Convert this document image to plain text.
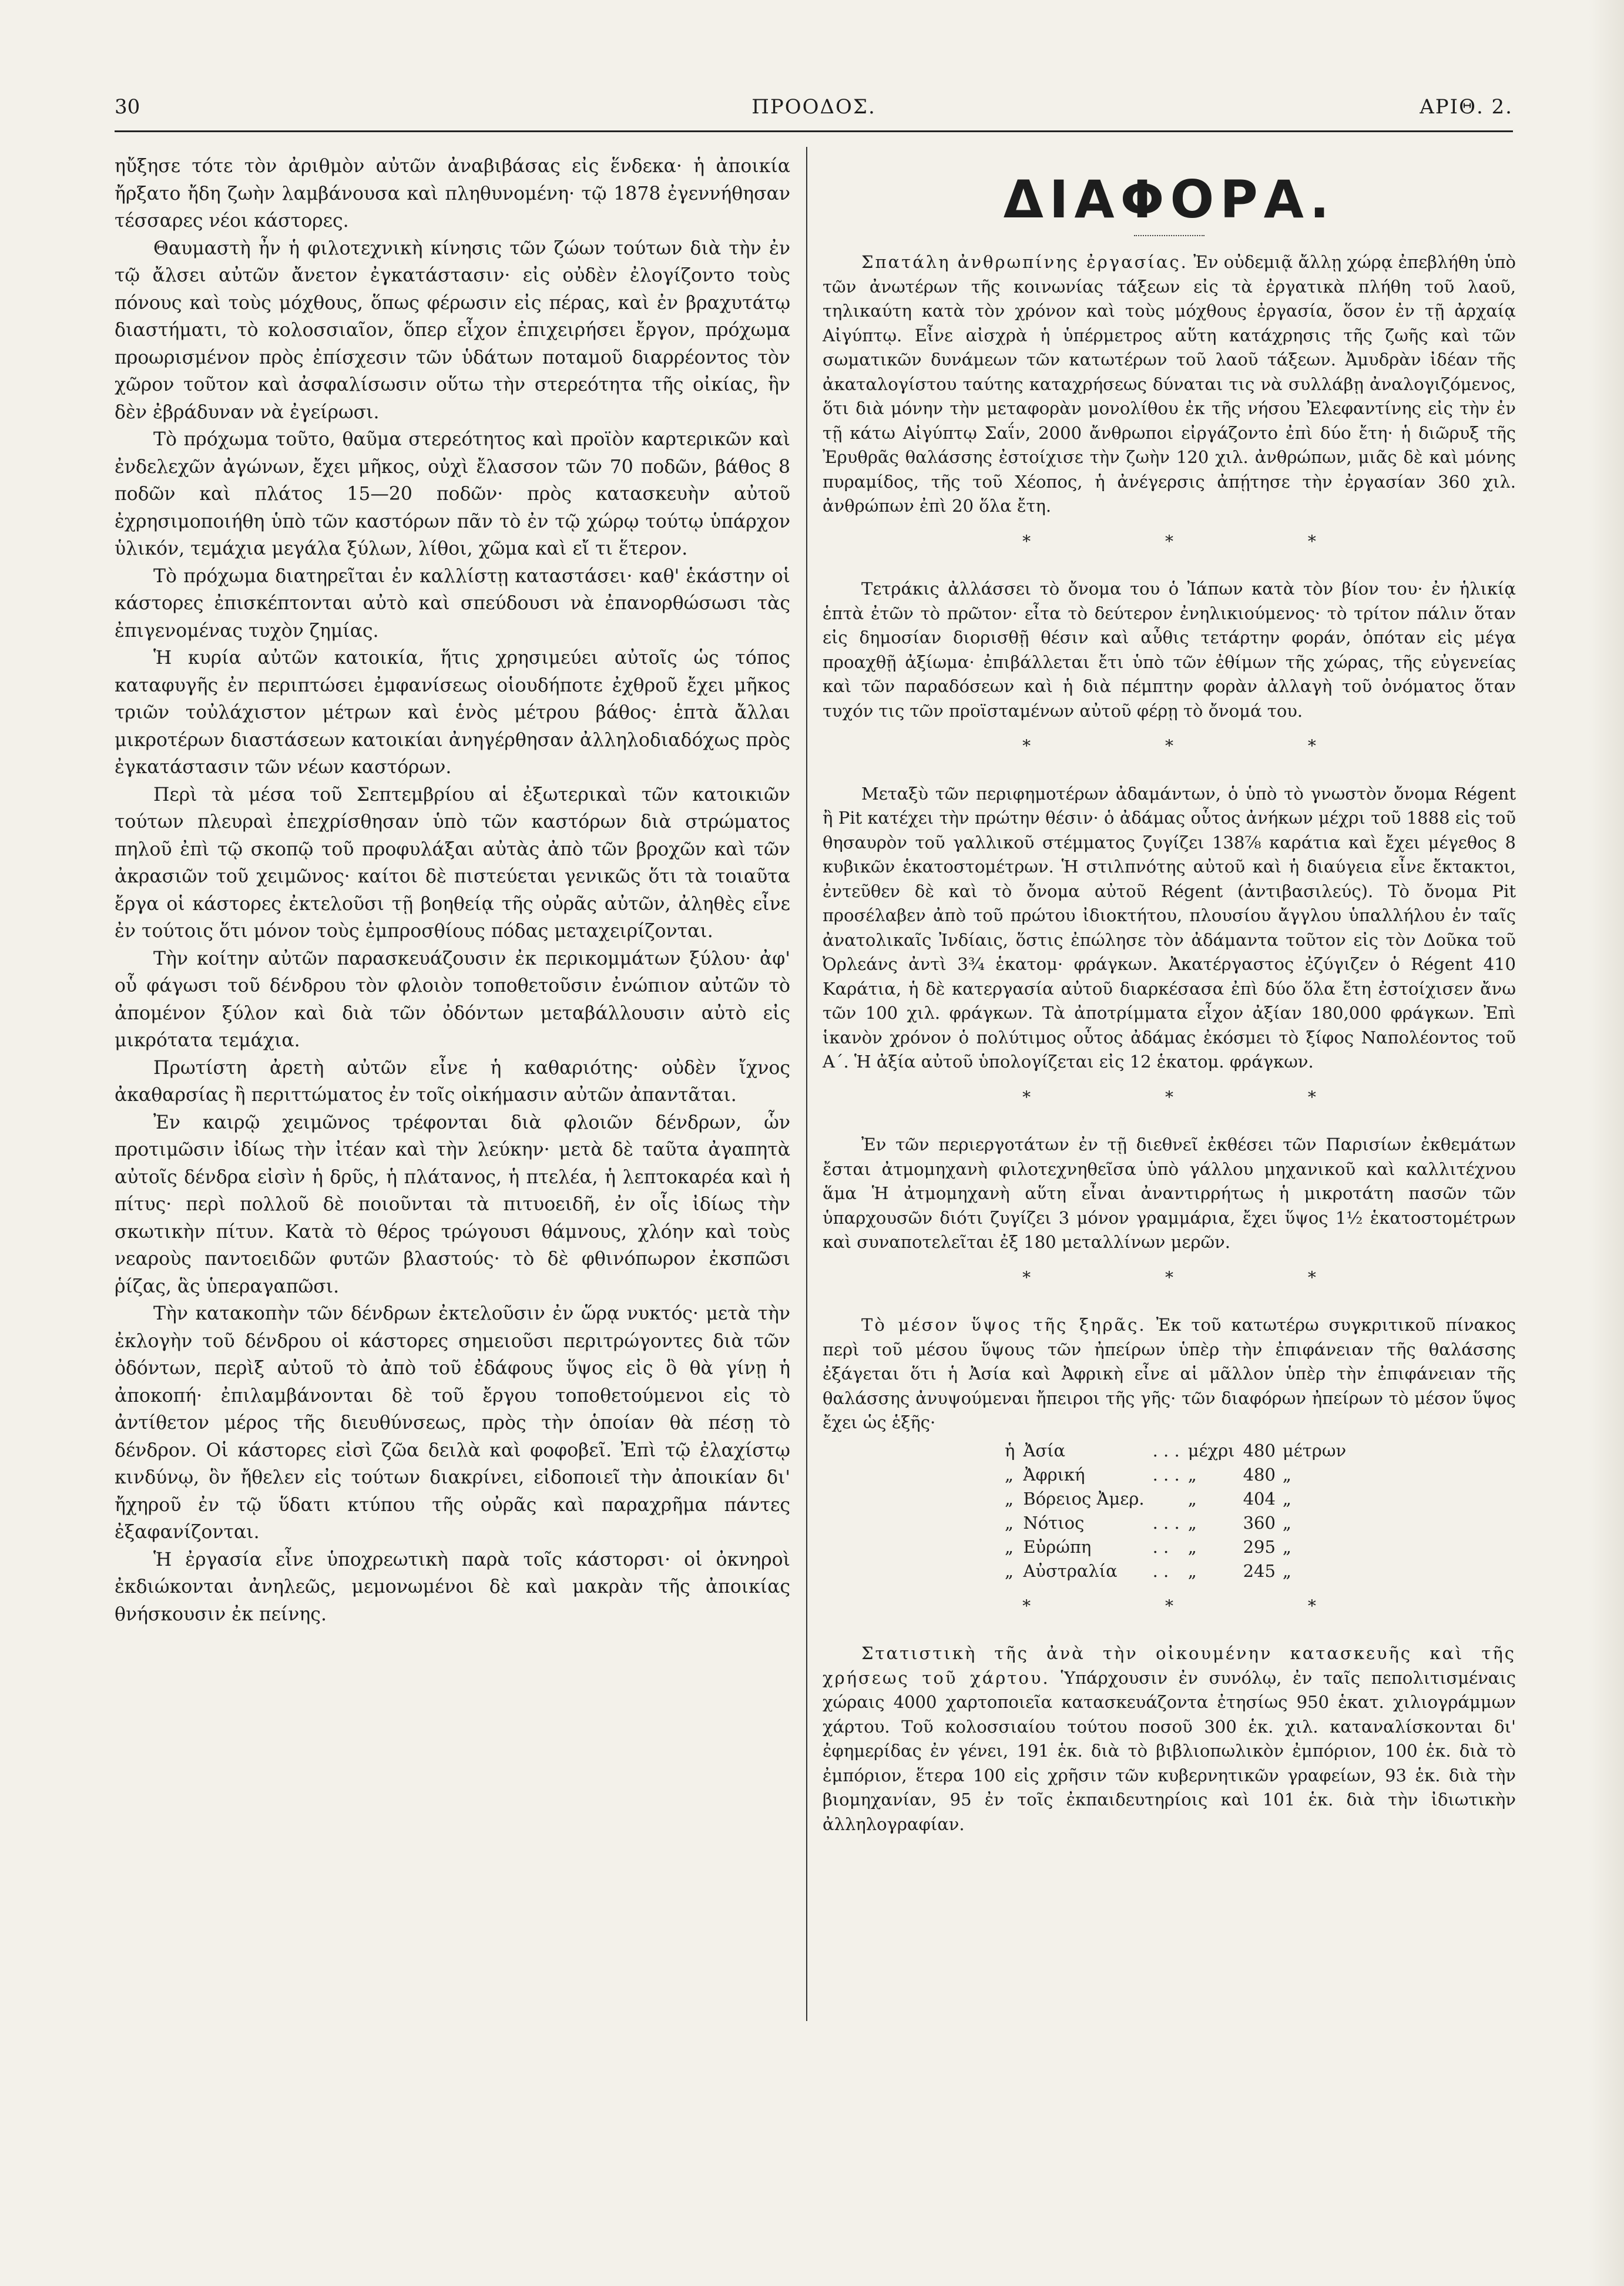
30	ΠΡΟΟΔΟΣ.	ΑΡΙΘ. 2.

ηὔξησε τότε τὸν ἀριθμὸν αὐτῶν ἀναβιβάσας εἰς ἕνδεκα· ἡ ἀποικία ἤρξατο ἤδη ζωὴν λαμβάνουσα καὶ πληθυνομένη· τῷ 1878 ἐγεννήθησαν τέσσαρες νέοι κάστορες.

Θαυμαστὴ ἦν ἡ φιλοτεχνικὴ κίνησις τῶν ζώων τούτων διὰ τὴν ἐν τῷ ἄλσει αὐτῶν ἄνετον ἐγκατάστασιν· εἰς οὐδὲν ἐλογίζοντο τοὺς πόνους καὶ τοὺς μόχθους, ὅπως φέρωσιν εἰς πέρας, καὶ ἐν βραχυτάτῳ διαστήματι, τὸ κολοσσιαῖον, ὅπερ εἶχον ἐπιχειρήσει ἔργον, πρόχωμα προωρισμένον πρὸς ἐπίσχεσιν τῶν ὑδάτων ποταμοῦ διαρρέοντος τὸν χῶρον τοῦτον καὶ ἀσφαλίσωσιν οὕτω τὴν στερεότητα τῆς οἰκίας, ἣν δὲν ἐβράδυναν νὰ ἐγείρωσι.

Τὸ πρόχωμα τοῦτο, θαῦμα στερεότητος καὶ προϊὸν καρτερικῶν καὶ ἐνδελεχῶν ἀγώνων, ἔχει μῆκος, οὐχὶ ἔλασσον τῶν 70 ποδῶν, βάθος 8 ποδῶν καὶ πλάτος 15—20 ποδῶν· πρὸς κατασκευὴν αὐτοῦ ἐχρησιμοποιήθη ὑπὸ τῶν καστόρων πᾶν τὸ ἐν τῷ χώρῳ τούτῳ ὑπάρχον ὑλικόν, τεμάχια μεγάλα ξύλων, λίθοι, χῶμα καὶ εἴ τι ἕτερον.

Τὸ πρόχωμα διατηρεῖται ἐν καλλίστῃ καταστάσει· καθ' ἑκάστην οἱ κάστορες ἐπισκέπτονται αὐτὸ καὶ σπεύδουσι νὰ ἐπανορθώσωσι τὰς ἐπιγενομένας τυχὸν ζημίας.

Ἡ κυρία αὐτῶν κατοικία, ἥτις χρησιμεύει αὐτοῖς ὡς τόπος καταφυγῆς ἐν περιπτώσει ἐμφανίσεως οἱουδήποτε ἐχθροῦ ἔχει μῆκος τριῶν τοὐλάχιστον μέτρων καὶ ἑνὸς μέτρου βάθος· ἑπτὰ ἄλλαι μικροτέρων διαστάσεων κατοικίαι ἀνηγέρθησαν ἀλληλοδιαδόχως πρὸς ἐγκατάστασιν τῶν νέων καστόρων.

Περὶ τὰ μέσα τοῦ Σεπτεμβρίου αἱ ἐξωτερικαὶ τῶν κατοικιῶν τούτων πλευραὶ ἐπεχρίσθησαν ὑπὸ τῶν καστόρων διὰ στρώματος πηλοῦ ἐπὶ τῷ σκοπῷ τοῦ προφυλάξαι αὐτὰς ἀπὸ τῶν βροχῶν καὶ τῶν ἀκρασιῶν τοῦ χειμῶνος· καίτοι δὲ πιστεύεται γενικῶς ὅτι τὰ τοιαῦτα ἔργα οἱ κάστορες ἐκτελοῦσι τῇ βοηθείᾳ τῆς οὐρᾶς αὐτῶν, ἀληθὲς εἶνε ἐν τούτοις ὅτι μόνον τοὺς ἐμπροσθίους πόδας μεταχειρίζονται.

Τὴν κοίτην αὐτῶν παρασκευάζουσιν ἐκ περικομμάτων ξύλου· ἀφ' οὗ φάγωσι τοῦ δένδρου τὸν φλοιὸν τοποθετοῦσιν ἐνώπιον αὐτῶν τὸ ἀπομένον ξύλον καὶ διὰ τῶν ὀδόντων μεταβάλλουσιν αὐτὸ εἰς μικρότατα τεμάχια.

Πρωτίστη ἀρετὴ αὐτῶν εἶνε ἡ καθαριότης· οὐδὲν ἴχνος ἀκαθαρσίας ἢ περιττώματος ἐν τοῖς οἰκήμασιν αὐτῶν ἀπαντᾶται.

Ἐν καιρῷ χειμῶνος τρέφονται διὰ φλοιῶν δένδρων, ὧν προτιμῶσιν ἰδίως τὴν ἰτέαν καὶ τὴν λεύκην· μετὰ δὲ ταῦτα ἀγαπητὰ αὐτοῖς δένδρα εἰσὶν ἡ δρῦς, ἡ πλάτανος, ἡ πτελέα, ἡ λεπτοκαρέα καὶ ἡ πίτυς· περὶ πολλοῦ δὲ ποιοῦνται τὰ πιτυοειδῆ, ἐν οἷς ἰδίως τὴν σκωτικὴν πίτυν. Κατὰ τὸ θέρος τρώγουσι θάμνους, χλόην καὶ τοὺς νεαροὺς παντοειδῶν φυτῶν βλαστούς· τὸ δὲ φθινόπωρον ἐκσπῶσι ῥίζας, ἃς ὑπεραγαπῶσι.

Τὴν κατακοπὴν τῶν δένδρων ἐκτελοῦσιν ἐν ὥρᾳ νυκτός· μετὰ τὴν ἐκλογὴν τοῦ δένδρου οἱ κάστορες σημειοῦσι περιτρώγοντες διὰ τῶν ὀδόντων, περὶξ αὐτοῦ τὸ ἀπὸ τοῦ ἐδάφους ὕψος εἰς ὃ θὰ γίνῃ ἡ ἀποκοπή· ἐπιλαμβάνονται δὲ τοῦ ἔργου τοποθετούμενοι εἰς τὸ ἀντίθετον μέρος τῆς διευθύνσεως, πρὸς τὴν ὁποίαν θὰ πέσῃ τὸ δένδρον. Οἱ κάστορες εἰσὶ ζῶα δειλὰ καὶ φοφοβεῖ. Ἐπὶ τῷ ἐλαχίστῳ κινδύνῳ, ὃν ἤθελεν εἰς τούτων διακρίνει, εἰδοποιεῖ τὴν ἀποικίαν δι' ἤχηροῦ ἐν τῷ ὕδατι κτύπου τῆς οὐρᾶς καὶ παραχρῆμα πάντες ἐξαφανίζονται.

Ἡ ἐργασία εἶνε ὑποχρεωτικὴ παρὰ τοῖς κάστορσι· οἱ ὀκνηροὶ ἐκδιώκονται ἀνηλεῶς, μεμονωμένοι δὲ καὶ μακρὰν τῆς ἀποικίας θνήσκουσιν ἐκ πείνης.

ΔΙΑΦΟΡΑ.

Σπατάλη ἀνθρωπίνης ἐργασίας. Ἐν οὐδεμιᾷ ἄλλῃ χώρᾳ ἐπεβλήθη ὑπὸ τῶν ἀνωτέρων τῆς κοινωνίας τάξεων εἰς τὰ ἐργατικὰ πλήθη τοῦ λαοῦ, τηλικαύτη κατὰ τὸν χρόνον καὶ τοὺς μόχθους ἐργασία, ὅσον ἐν τῇ ἀρχαίᾳ Αἰγύπτῳ. Εἶνε αἰσχρὰ ἡ ὑπέρμετρος αὕτη κατάχρησις τῆς ζωῆς καὶ τῶν σωματικῶν δυνάμεων τῶν κατωτέρων τοῦ λαοῦ τάξεων. Ἀμυδρὰν ἰδέαν τῆς ἀκαταλογίστου ταύτης καταχρήσεως δύναται τις νὰ συλλάβῃ ἀναλογιζόμενος, ὅτι διὰ μόνην τὴν μεταφορὰν μονολίθου ἐκ τῆς νήσου Ἐλεφαντίνης εἰς τὴν ἐν τῇ κάτω Αἰγύπτῳ Σαΐν, 2000 ἄνθρωποι εἰργάζοντο ἐπὶ δύο ἔτη· ἡ διῶρυξ τῆς Ἐρυθρᾶς θαλάσσης ἐστοίχισε τὴν ζωὴν 120 χιλ. ἀνθρώπων, μιᾶς δὲ καὶ μόνης πυραμίδος, τῆς τοῦ Χέοπος, ἡ ἀνέγερσις ἀπῄτησε τὴν ἐργασίαν 360 χιλ. ἀνθρώπων ἐπὶ 20 ὅλα ἔτη.

* * *

Τετράκις ἀλλάσσει τὸ ὄνομα του ὁ Ἰάπων κατὰ τὸν βίον του· ἐν ἡλικίᾳ ἑπτὰ ἐτῶν τὸ πρῶτον· εἶτα τὸ δεύτερον ἐνηλικιούμενος· τὸ τρίτον πάλιν ὅταν εἰς δημοσίαν διορισθῇ θέσιν καὶ αὖθις τετάρτην φοράν, ὁπόταν εἰς μέγα προαχθῇ ἀξίωμα· ἐπιβάλλεται ἔτι ὑπὸ τῶν ἐθίμων τῆς χώρας, τῆς εὐγενείας καὶ τῶν παραδόσεων καὶ ἡ διὰ πέμπτην φορὰν ἀλλαγὴ τοῦ ὀνόματος ὅταν τυχόν τις τῶν προϊσταμένων αὐτοῦ φέρῃ τὸ ὄνομά του.

* * *

Μεταξὺ τῶν περιφημοτέρων ἀδαμάντων, ὁ ὑπὸ τὸ γνωστὸν ὄνομα Régent ἢ Pit κατέχει τὴν πρώτην θέσιν· ὁ ἀδάμας οὗτος ἀνήκων μέχρι τοῦ 1888 εἰς τοῦ θησαυρὸν τοῦ γαλλικοῦ στέμματος ζυγίζει 138⅞ καράτια καὶ ἔχει μέγεθος 8 κυβικῶν ἑκατοστομέτρων. Ἡ στιλπνότης αὐτοῦ καὶ ἡ διαύγεια εἶνε ἔκτακτοι, ἐντεῦθεν δὲ καὶ τὸ ὄνομα αὐτοῦ Régent (ἀντιβασιλεύς). Τὸ ὄνομα Pit προσέλαβεν ἀπὸ τοῦ πρώτου ἰδιοκτήτου, πλουσίου ἄγγλου ὑπαλλήλου ἐν ταῖς ἀνατολικαῖς Ἰνδίαις, ὅστις ἐπώλησε τὸν ἀδάμαντα τοῦτον εἰς τὸν Δοῦκα τοῦ Ὀρλεάνς ἀντὶ 3¾ ἑκατομ· φράγκων. Ἀκατέργαστος ἐζύγιζεν ὁ Régent 410 Καράτια, ἡ δὲ κατεργασία αὐτοῦ διαρκέσασα ἐπὶ δύο ὅλα ἔτη ἐστοίχισεν ἄνω τῶν 100 χιλ. φράγκων. Τὰ ἀποτρίμματα εἶχον ἀξίαν 180,000 φράγκων. Ἐπὶ ἱκανὸν χρόνον ὁ πολύτιμος οὗτος ἀδάμας ἐκόσμει τὸ ξίφος Ναπολέοντος τοῦ Α΄. Ἡ ἀξία αὐτοῦ ὑπολογίζεται εἰς 12 ἑκατομ. φράγκων.

* * *

Ἐν τῶν περιεργοτάτων ἐν τῇ διεθνεῖ ἐκθέσει τῶν Παρισίων ἐκθεμάτων ἔσται ἀτμομηχανὴ φιλοτεχνηθεῖσα ὑπὸ γάλλου μηχανικοῦ καὶ καλλιτέχνου ἅμα Ἡ ἀτμομηχανὴ αὕτη εἶναι ἀναντιρρήτως ἡ μικροτάτη πασῶν τῶν ὑπαρχουσῶν διότι ζυγίζει 3 μόνον γραμμάρια, ἔχει ὕψος 1½ ἑκατοστομέτρων καὶ συναποτελεῖται ἐξ 180 μεταλλίνων μερῶν.

* * *

Τὸ μέσον ὕψος τῆς ξηρᾶς. Ἐκ τοῦ κατωτέρω συγκριτικοῦ πίνακος περὶ τοῦ μέσου ὕψους τῶν ἠπείρων ὑπὲρ τὴν ἐπιφάνειαν τῆς θαλάσσης ἐξάγεται ὅτι ἡ Ἀσία καὶ Ἀφρικὴ εἶνε αἱ μᾶλλον ὑπὲρ τὴν ἐπιφάνειαν τῆς θαλάσσης ἀνυψούμεναι ἤπειροι τῆς γῆς· τῶν διαφόρων ἠπείρων τὸ μέσον ὕψος ἔχει ὡς ἑξῆς·

ἡ	Ἀσία	. . .	μέχρι	480	μέτρων
„	Ἀφρική	. . .	„	480	„
„	Βόρειος Ἀμερ.		„	404	„
„	Νότιος	. . .	„	360	„
„	Εὐρώπη	. .	„	295	„
„	Αὐστραλία	. .	„	245	„
* * *

Στατιστικὴ τῆς ἀνὰ τὴν οἰκουμένην κατασκευῆς καὶ τῆς χρήσεως τοῦ χάρτου. Ὑπάρχουσιν ἐν συνόλῳ, ἐν ταῖς πεπολιτισμέναις χώραις 4000 χαρτοποιεῖα κατασκευάζοντα ἐτησίως 950 ἑκατ. χιλιογράμμων χάρτου. Τοῦ κολοσσιαίου τούτου ποσοῦ 300 ἑκ. χιλ. καταναλίσκονται δι' ἐφημερίδας ἐν γένει, 191 ἑκ. διὰ τὸ βιβλιοπωλικὸν ἐμπόριον, 100 ἑκ. διὰ τὸ ἐμπόριον, ἕτερα 100 εἰς χρῆσιν τῶν κυβερνητικῶν γραφείων, 93 ἑκ. διὰ τὴν βιομηχανίαν, 95 ἐν τοῖς ἐκπαιδευτηρίοις καὶ 101 ἑκ. διὰ τὴν ἰδιωτικὴν ἀλληλογραφίαν.
